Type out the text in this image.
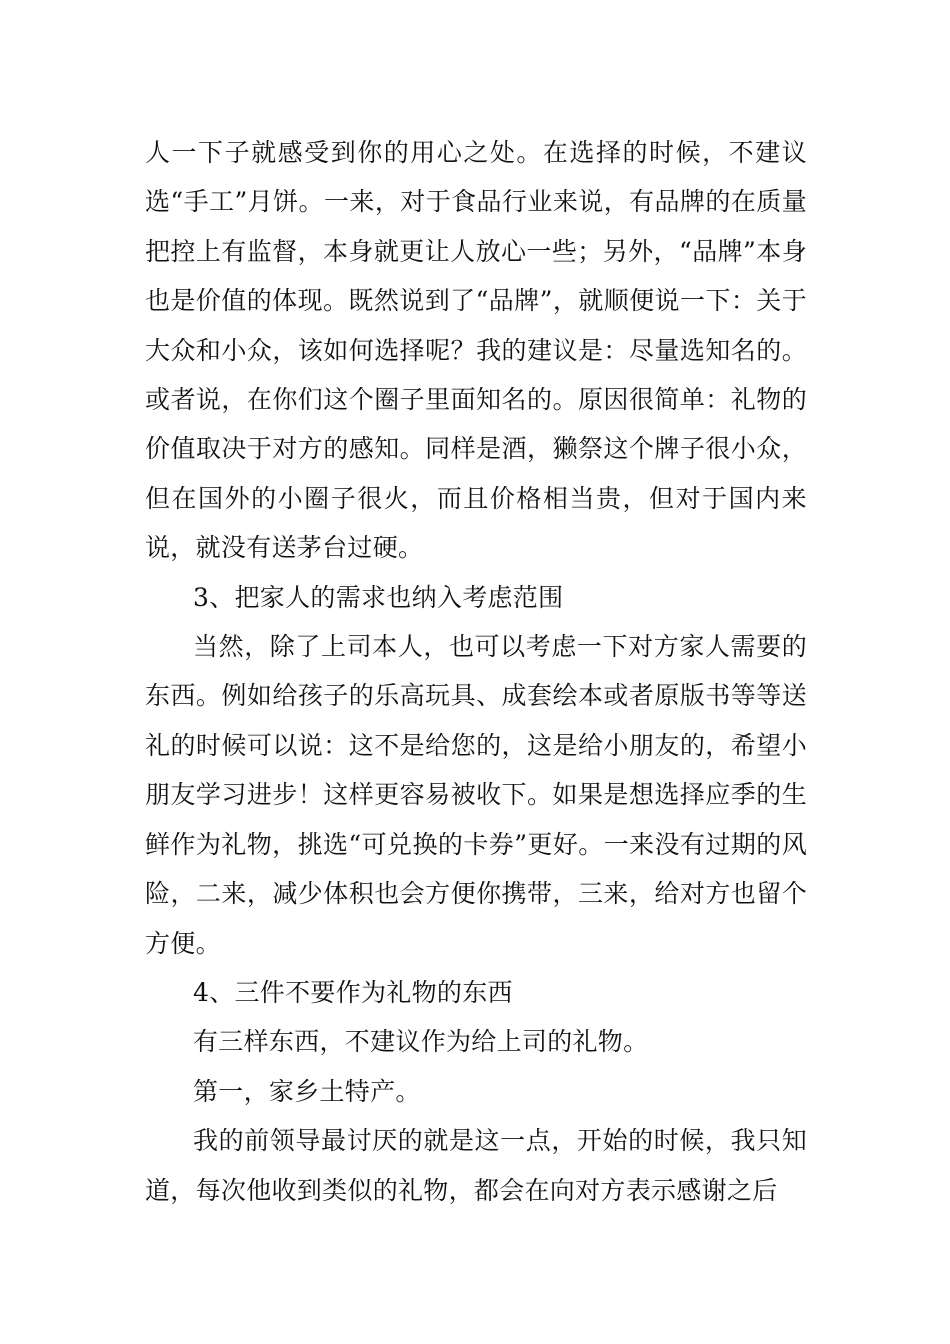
人一下子就感受到你的用心之处。在选择的时候，不建议选“手工”月饼。一来，对于食品行业来说，有品牌的在质量把控上有监督，本身就更让人放心一些；另外，“品牌”本身也是价值的体现。既然说到了“品牌”，就顺便说一下：关于大众和小众，该如何选择呢？我的建议是：尽量选知名的。或者说，在你们这个圈子里面知名的。原因很简单：礼物的价值取决于对方的感知。同样是酒，獭祭这个牌子很小众，但在国外的小圈子很火，而且价格相当贵，但对于国内来说，就没有送茅台过硬。

3、把家人的需求也纳入考虑范围

当然，除了上司本人，也可以考虑一下对方家人需要的东西。例如给孩子的乐高玩具、成套绘本或者原版书等等送礼的时候可以说：这不是给您的，这是给小朋友的，希望小朋友学习进步！这样更容易被收下。如果是想选择应季的生鲜作为礼物，挑选“可兑换的卡券”更好。一来没有过期的风险，二来，减少体积也会方便你携带，三来，给对方也留个方便。

4、三件不要作为礼物的东西

有三样东西，不建议作为给上司的礼物。

第一，家乡土特产。

我的前领导最讨厌的就是这一点，开始的时候，我只知道，每次他收到类似的礼物，都会在向对方表示感谢之后
